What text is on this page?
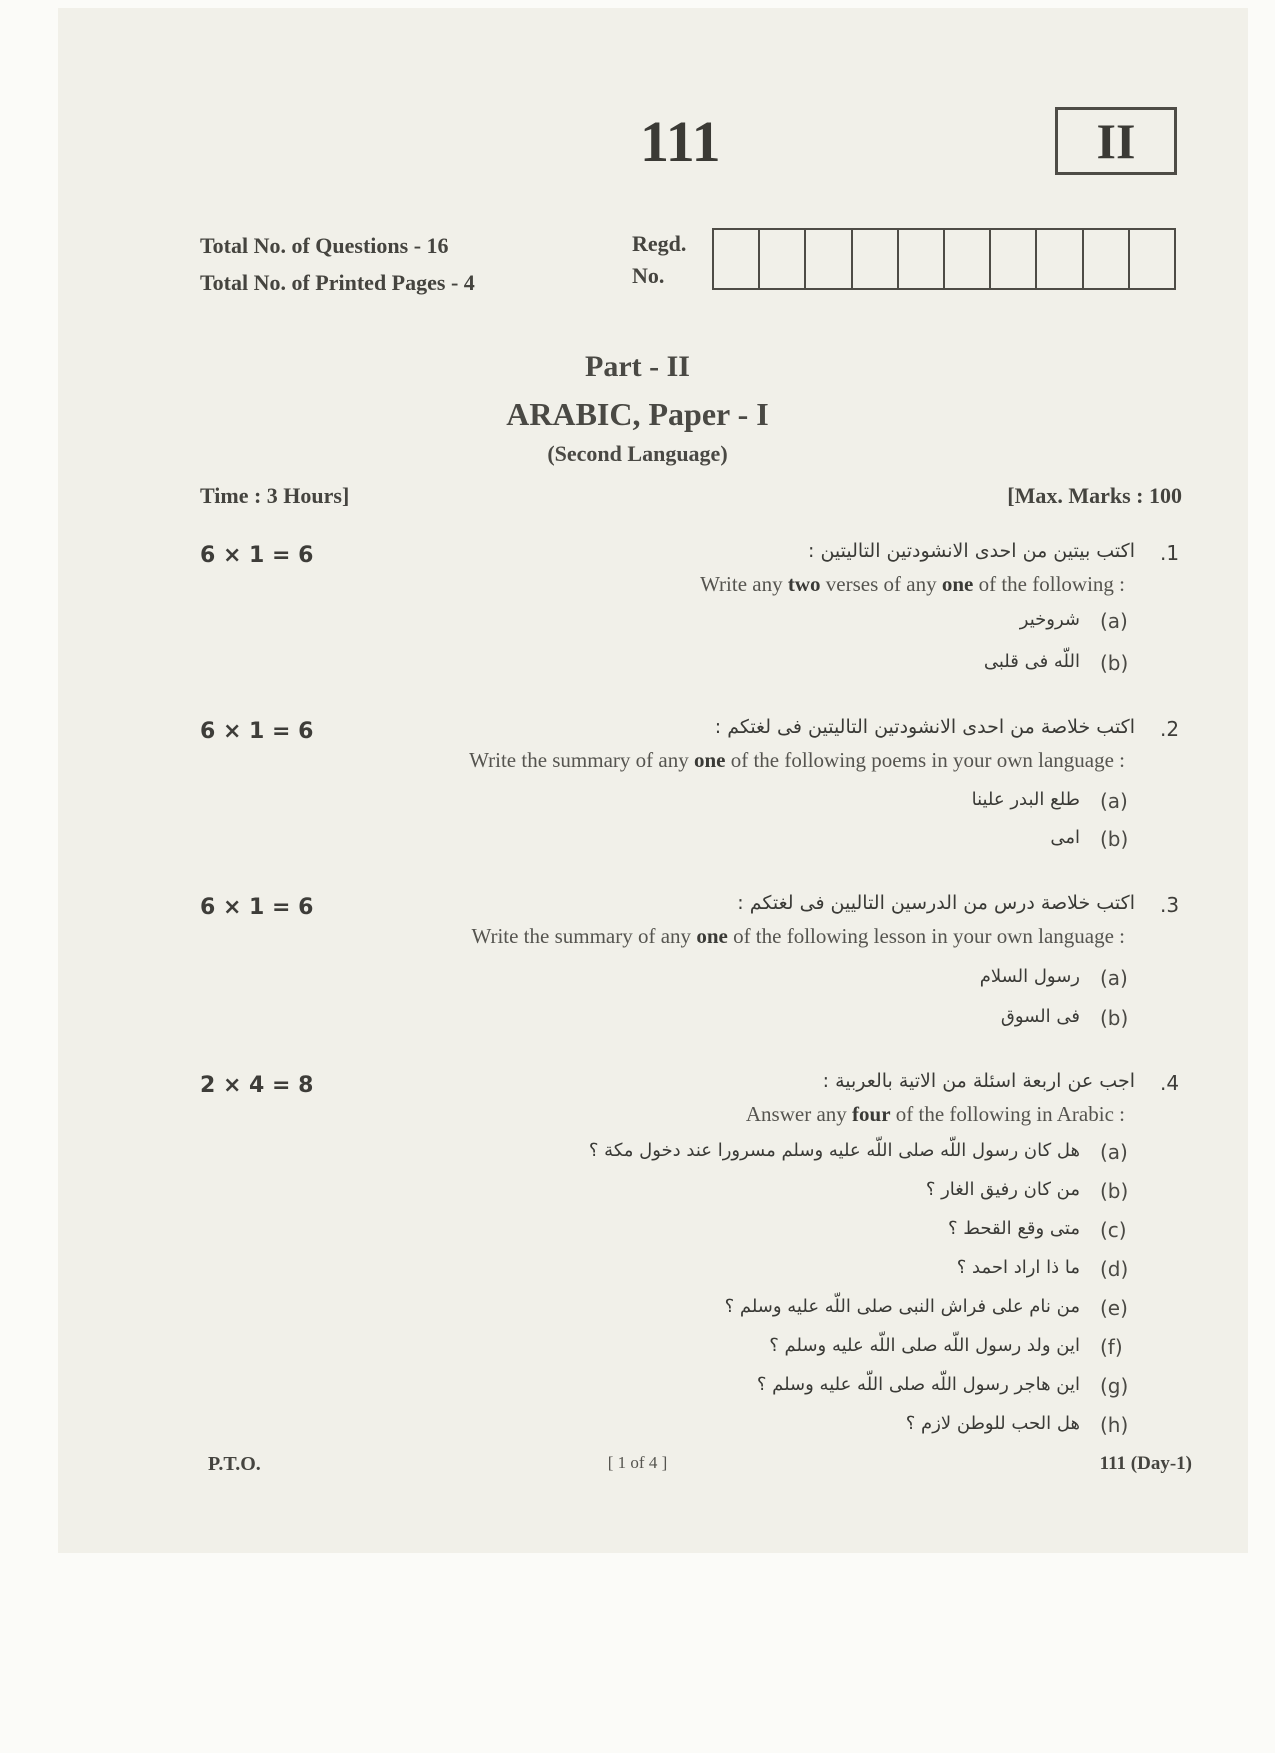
111	II
Total No. of Questions - 16
Total No. of Printed Pages - 4
Regd.
No.
Part - II
ARABIC, Paper - I
(Second Language)
Time : 3 Hours]	[Max. Marks : 100
6 × 1 = 6	.1
اكتب بيتين من احدى الانشودتين التاليتين :
Write any two verses of any one of the following :
(a)
شروخير
(b)
اللّه فى قلبى
6 × 1 = 6	.2
اكتب خلاصة من احدى الانشودتين التاليتين فى لغتكم :
Write the summary of any one of the following poems in your own language :
(a)
طلع البدر علينا
(b)
امى
6 × 1 = 6	.3
اكتب خلاصة درس من الدرسين التاليين فى لغتكم :
Write the summary of any one of the following lesson in your own language :
(a)
رسول السلام
(b)
فى السوق
2 × 4 = 8	.4
اجب عن اربعة اسئلة من الاتية بالعربية :
Answer any four of the following in Arabic :
(a)
هل كان رسول اللّه صلى اللّه عليه وسلم مسرورا عند دخول مكة ؟
(b)
من كان رفيق الغار ؟
(c)
متى وقع القحط ؟
(d)
ما ذا اراد احمد ؟
(e)
من نام على فراش النبى صلى اللّه عليه وسلم ؟
(f)
اين ولد رسول اللّه صلى اللّه عليه وسلم ؟
(g)
اين هاجر رسول اللّه صلى اللّه عليه وسلم ؟
(h)
هل الحب للوطن لازم ؟
P.T.O.	[ 1 of 4 ]	111 (Day-1)
